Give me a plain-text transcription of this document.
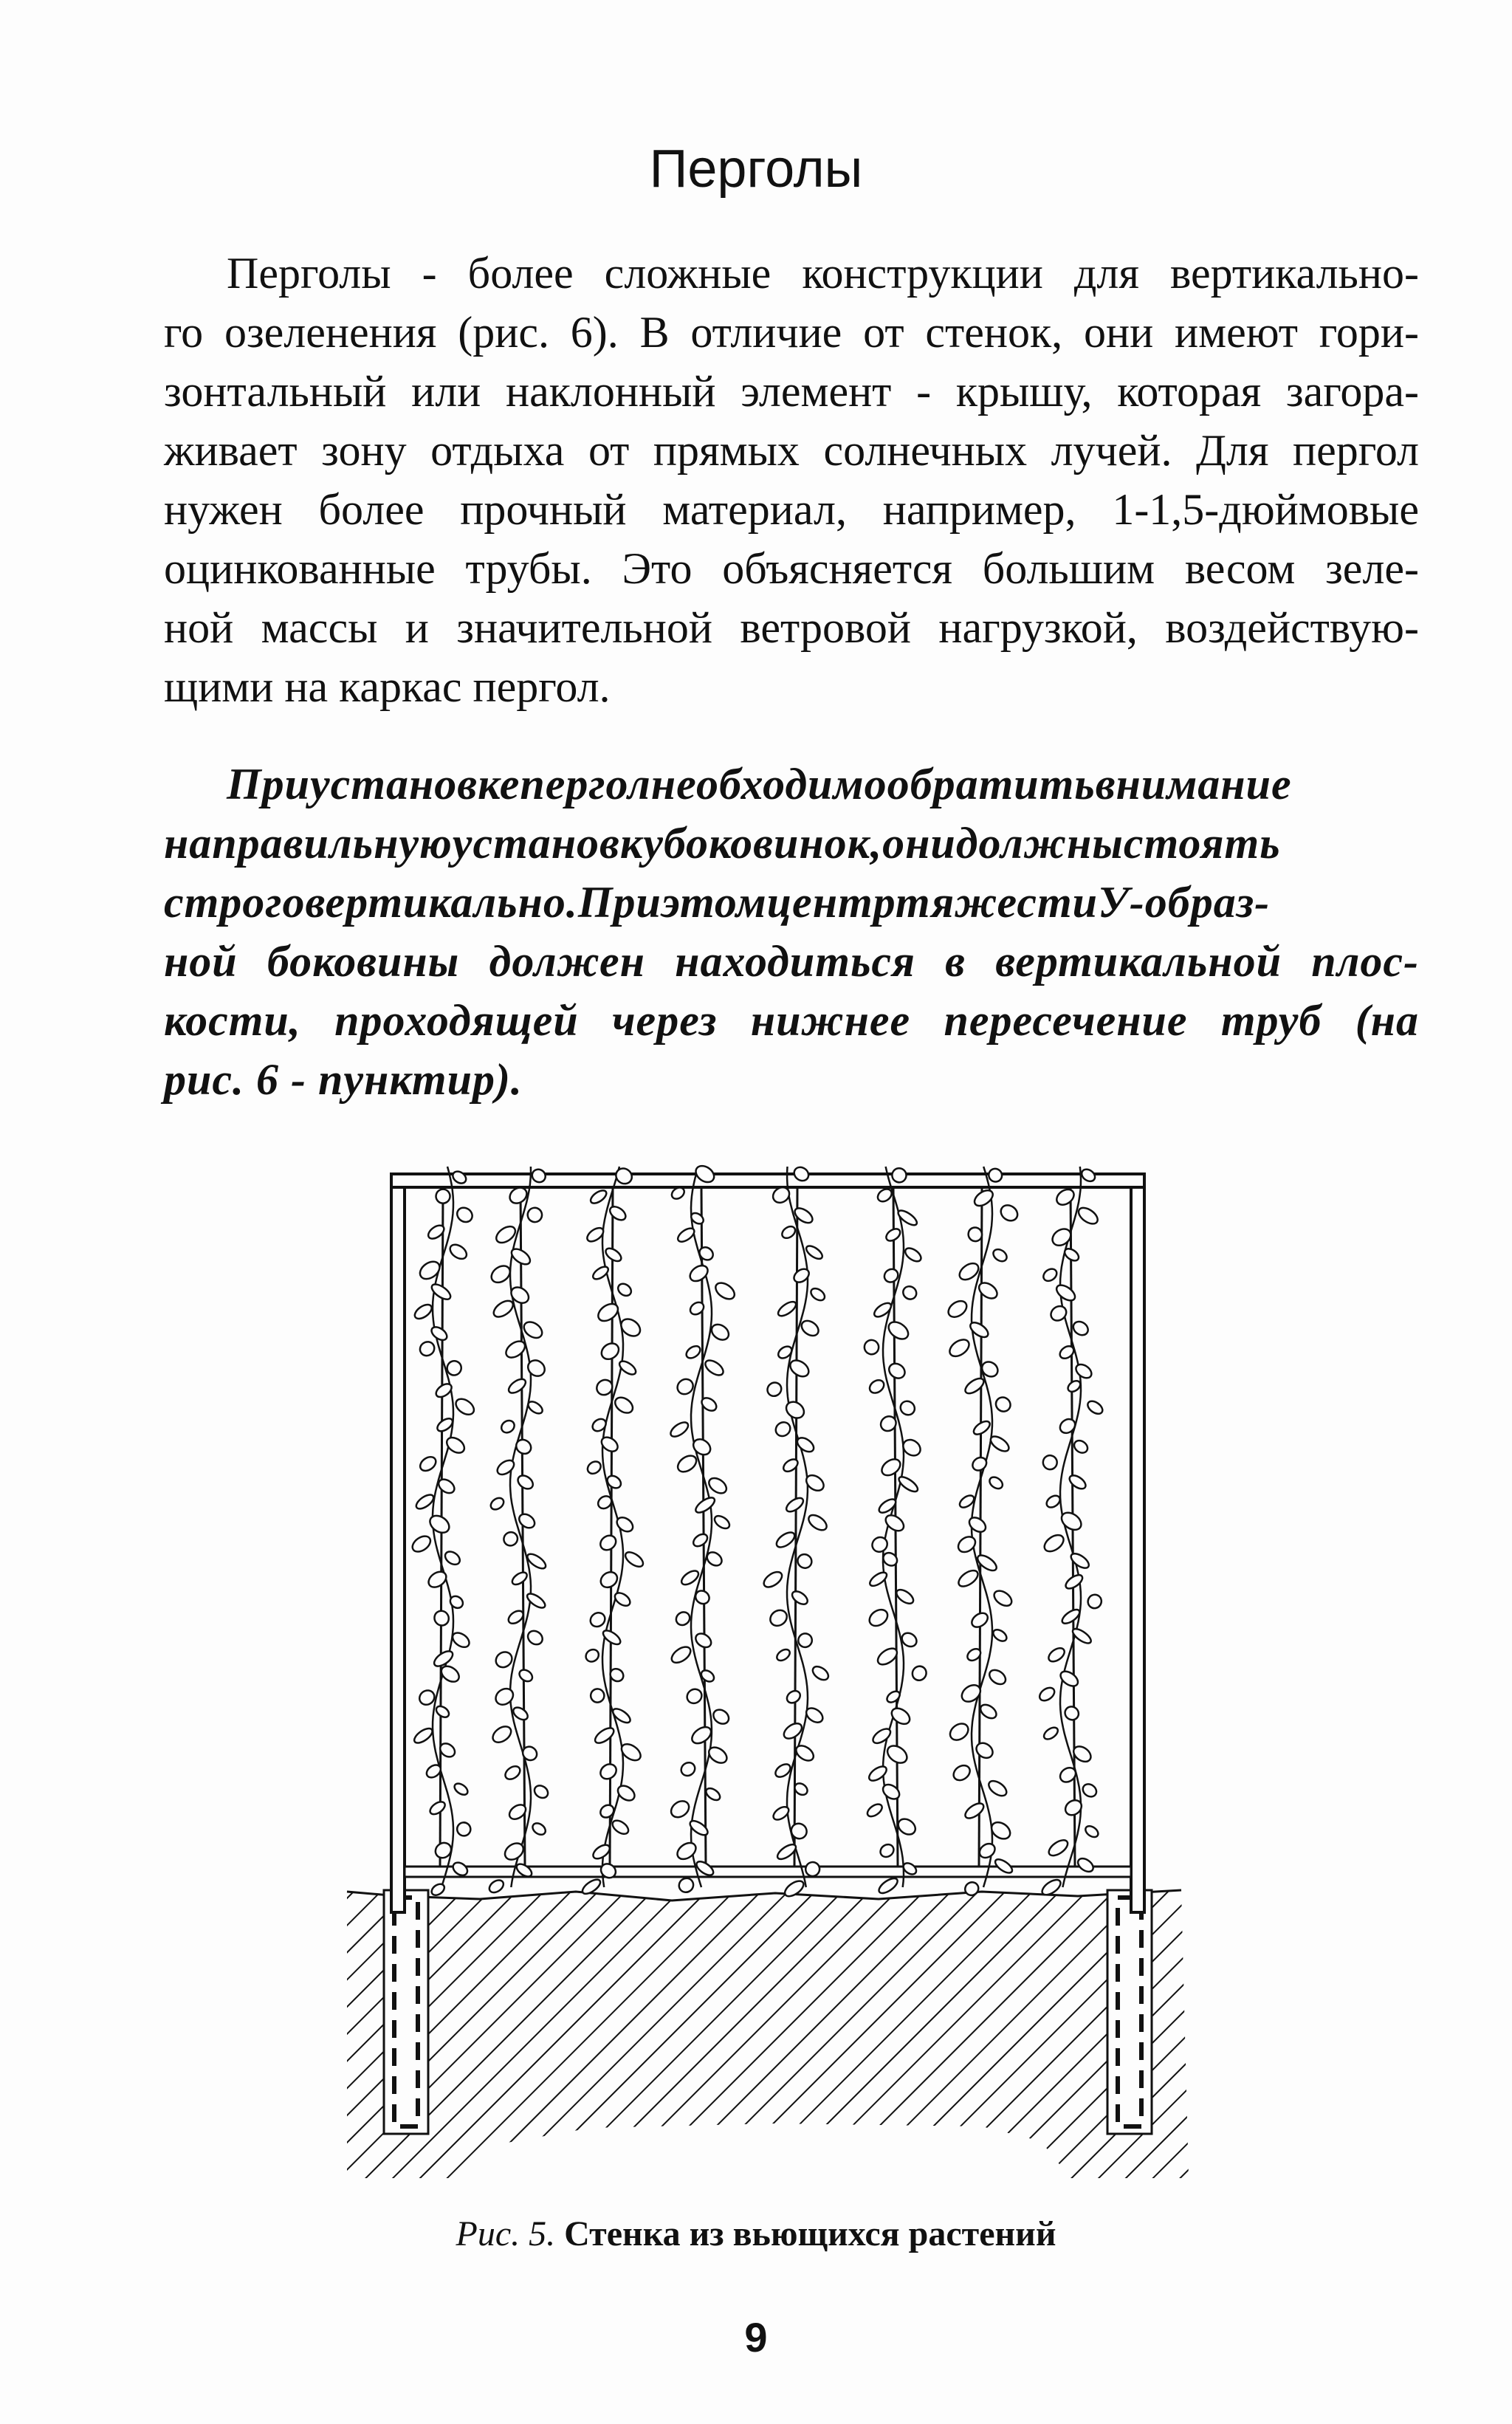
Перголы
Перголы - более сложные конструкции для вертикально-
го озеленения (рис. 6). В отличие от стенок, они имеют гори-
зонтальный или наклонный элемент - крышу, которая загора-
живает зону отдыха от прямых солнечных лучей. Для пергол
нужен более прочный материал, например, 1-1,5-дюймовые
оцинкованные трубы. Это объясняется большим весом зеле-
ной массы и значительной ветровой нагрузкой, воздействую-
щими на каркас пергол.
Приустановкеперголнеобходимообратитьвнимание
направильнуюустановкубоковинок,онидолжныстоять
строговертикально.ПриэтомцентртяжестиУ-образ-
ной боковины должен находиться в вертикальной плос-
кости, проходящей через нижнее пересечение труб (на
рис. 6 - пунктир).
Рис. 5. Стенка из вьющихся растений
9
